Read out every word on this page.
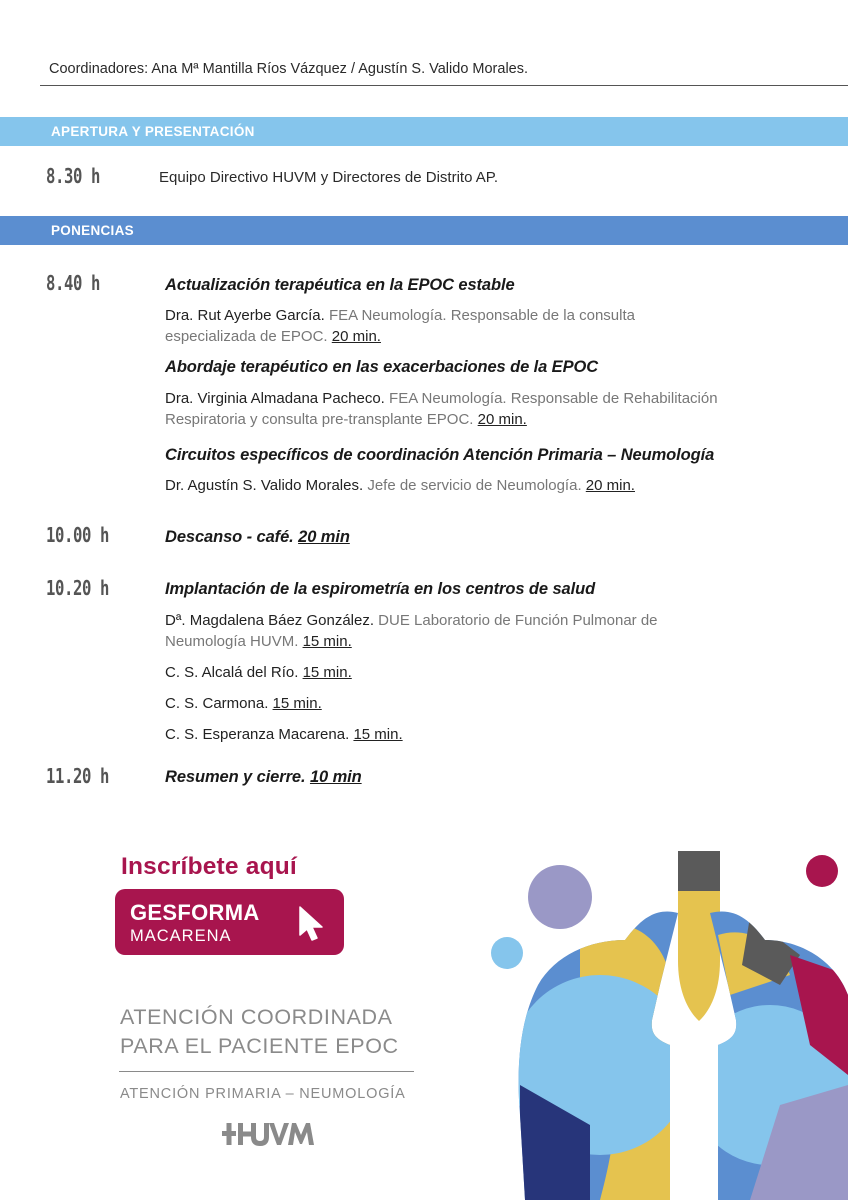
Coordinadores: Ana Mª Mantilla Ríos Vázquez / Agustín S. Valido Morales.
APERTURA Y PRESENTACIÓN
8.30 h	Equipo Directivo HUVM y Directores de Distrito AP.
PONENCIAS
8.40 h	Actualización terapéutica en la EPOC estable
Dra. Rut Ayerbe García. FEA Neumología. Responsable de la consulta especializada de EPOC. 20 min.
Abordaje terapéutico en las exacerbaciones de la EPOC
Dra. Virginia Almadana Pacheco. FEA Neumología. Responsable de Rehabilitación Respiratoria y consulta pre-transplante EPOC. 20 min.
Circuitos específicos de coordinación Atención Primaria – Neumología
Dr. Agustín S. Valido Morales. Jefe de servicio de Neumología. 20 min.
10.00 h	Descanso - café. 20 min
10.20 h	Implantación de la espirometría en los centros de salud
Dª. Magdalena Báez González. DUE Laboratorio de Función Pulmonar de Neumología HUVM. 15 min.
C. S. Alcalá del Río. 15 min.
C. S. Carmona. 15 min.
C. S. Esperanza Macarena. 15 min.
11.20 h	Resumen y cierre. 10 min
Inscríbete aquí
GESFORMA
MACARENA
ATENCIÓN COORDINADA
PARA EL PACIENTE EPOC
ATENCIÓN PRIMARIA – NEUMOLOGÍA
